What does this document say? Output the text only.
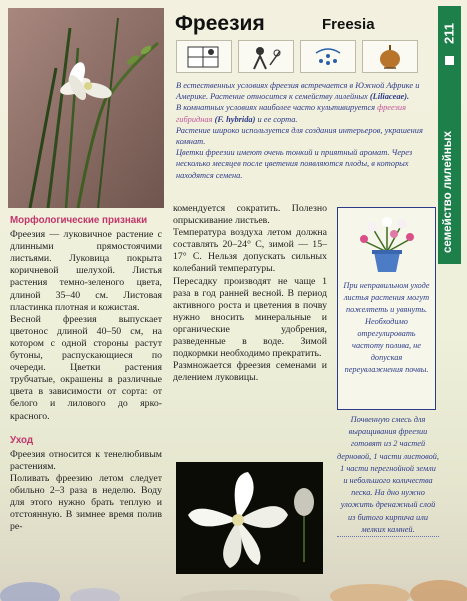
Фреезия	Freesia	211
семейство лилейных

В естественных условиях фреезия встречается в Южной Африке и Америке. Растение относится к семейству лилейных (Liliaceae).

В комнатных условиях наиболее часто культивируется фреезия гибридная (F. hybrida) и ее сорта.

Растение широко используется для создания интерьеров, украшения комнат.

Цветки фреезии имеют очень тонкий и приятный аромат. Через несколько месяцев после цветения появляются плоды, в которых находятся семена.

Морфологические признаки

Фреезия — луковичное растение с длинными прямостоячими листьями. Луковица покрыта коричневой шелухой. Листья растения темно-зеленого цвета, длиной 35–40 см. Листовая пластинка плотная и кожистая.

Весной фреезия выпускает цветонос длиной 40–50 см, на котором с одной стороны растут бутоны, распускающиеся по очереди. Цветки растения трубчатые, окрашены в различные цвета в зависимости от сорта: от белого и лилового до ярко-красного.

Уход

Фреезия относится к тенелюбивым растениям.

Поливать фреезию летом следует обильно 2–3 раза в неделю. Воду для этого нужно брать теплую и отстоянную. В зимнее время полив ре-

комендуется сократить. Полезно опрыскивание листьев.

Температура воздуха летом должна составлять 20–24° С, зимой — 15–17° С. Нельзя допускать сильных колебаний температуры.

Пересадку производят не чаще 1 раза в год ранней весной. В период активного роста и цветения в почву нужно вносить минеральные и органические удобрения, разведенные в воде. Зимой подкормки необходимо прекратить.

Размножается фреезия семенами и делением луковицы.

При неправильном уходе листья растения могут пожелтеть и увянуть. Необходимо отрегулировать частоту полива, не допуская переувлажнения почвы.
Почвенную смесь для выращивания фреезии готовят из 2 частей дерновой, 1 части листовой, 1 части перегнойной земли и небольшого количества песка. На дно нужно уложить дренажный слой из битого кирпича или мелких камней.
